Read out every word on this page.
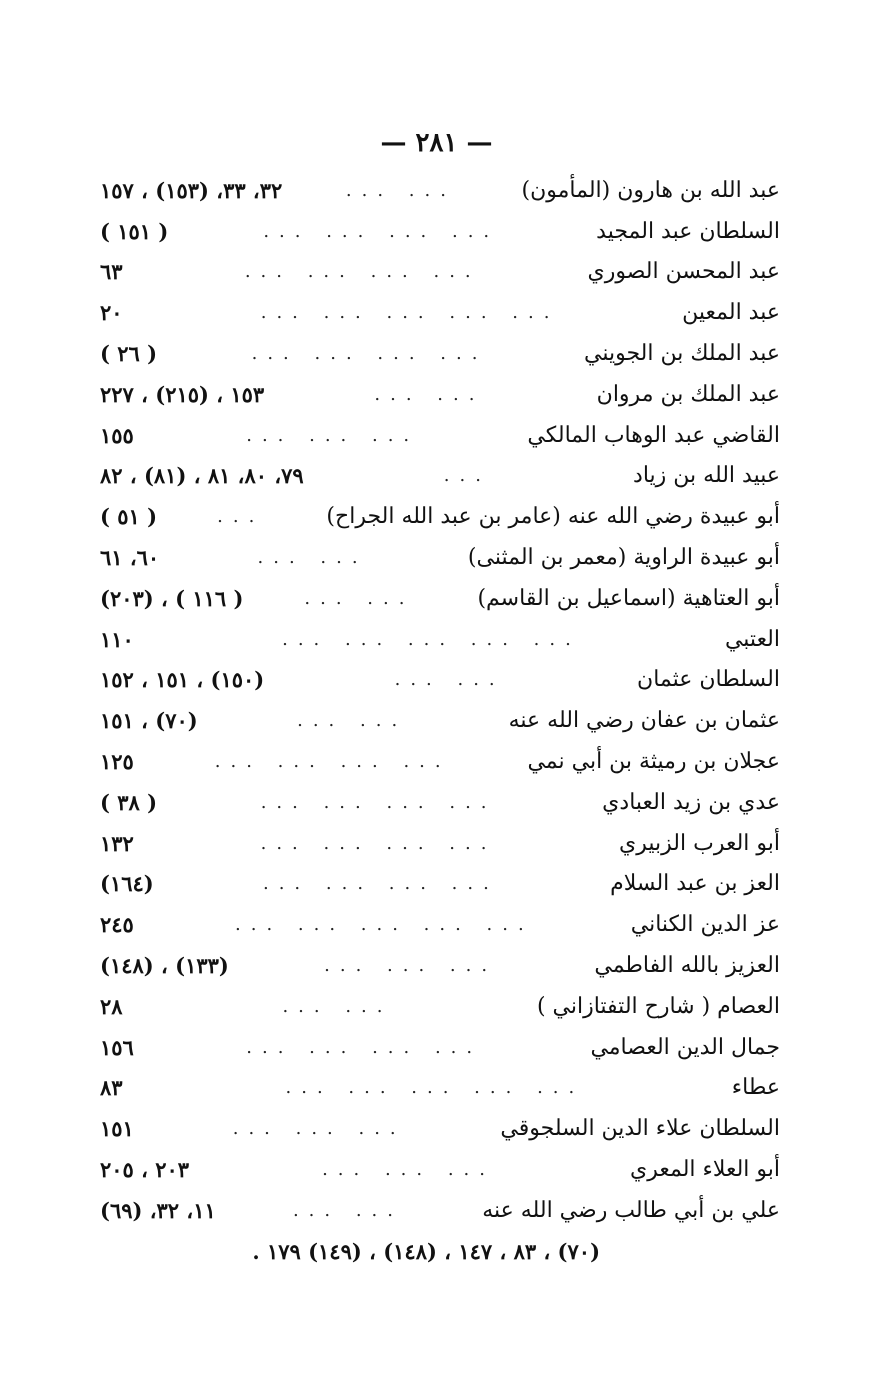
— ٢٨١ —
عبد الله بن هارون (المأمون)
... ...
٣٢، ٣٣، (١٥٣) ، ١٥٧
السلطان عبد المجيد
... ... ... ...
( ١٥١ )
عبد المحسن الصوري
... ... ... ...
٦٣
عبد المعين
... ... ... ... ...
٢٠
عبد الملك بن الجويني
... ... ... ...
( ٢٦ )
عبد الملك بن مروان
... ...
١٥٣ ، (٢١٥) ، ٢٢٧
القاضي عبد الوهاب المالكي
... ... ...
١٥٥
عبيد الله بن زياد
...
٧٩، ٨٠، ٨١ ، (٨١) ، ٨٢
أبو عبيدة رضي الله عنه (عامر بن عبد الله الجراح)
...
( ٥١ )
أبو عبيدة الراوية (معمر بن المثنى)
... ...
٦٠، ٦١
أبو العتاهية (اسماعيل بن القاسم)
... ...
( ١١٦ ) ، (٢٠٣)
العتبي
... ... ... ... ...
١١٠
السلطان عثمان
... ...
(١٥٠) ، ١٥١ ، ١٥٢
عثمان بن عفان رضي الله عنه
... ...
(٧٠) ، ١٥١
عجلان بن رميثة بن أبي نمي
... ... ... ...
١٢٥
عدي بن زيد العبادي
... ... ... ...
( ٣٨ )
أبو العرب الزبيري
... ... ... ...
١٣٢
العز بن عبد السلام
... ... ... ...
(١٦٤)
عز الدين الكناني
... ... ... ... ...
٢٤٥
العزيز بالله الفاطمي
... ... ...
(١٣٣) ، (١٤٨)
العصام ( شارح التفتازاني )
... ...
٢٨
جمال الدين العصامي
... ... ... ...
١٥٦
عطاء
... ... ... ... ...
٨٣
السلطان علاء الدين السلجوقي
... ... ...
١٥١
أبو العلاء المعري
... ... ...
٢٠٣ ، ٢٠٥
علي بن أبي طالب رضي الله عنه
... ...
١١، ٣٢، (٦٩)
(٧٠) ، ٨٣ ، ١٤٧ ، (١٤٨) ، (١٤٩) ١٧٩ .
